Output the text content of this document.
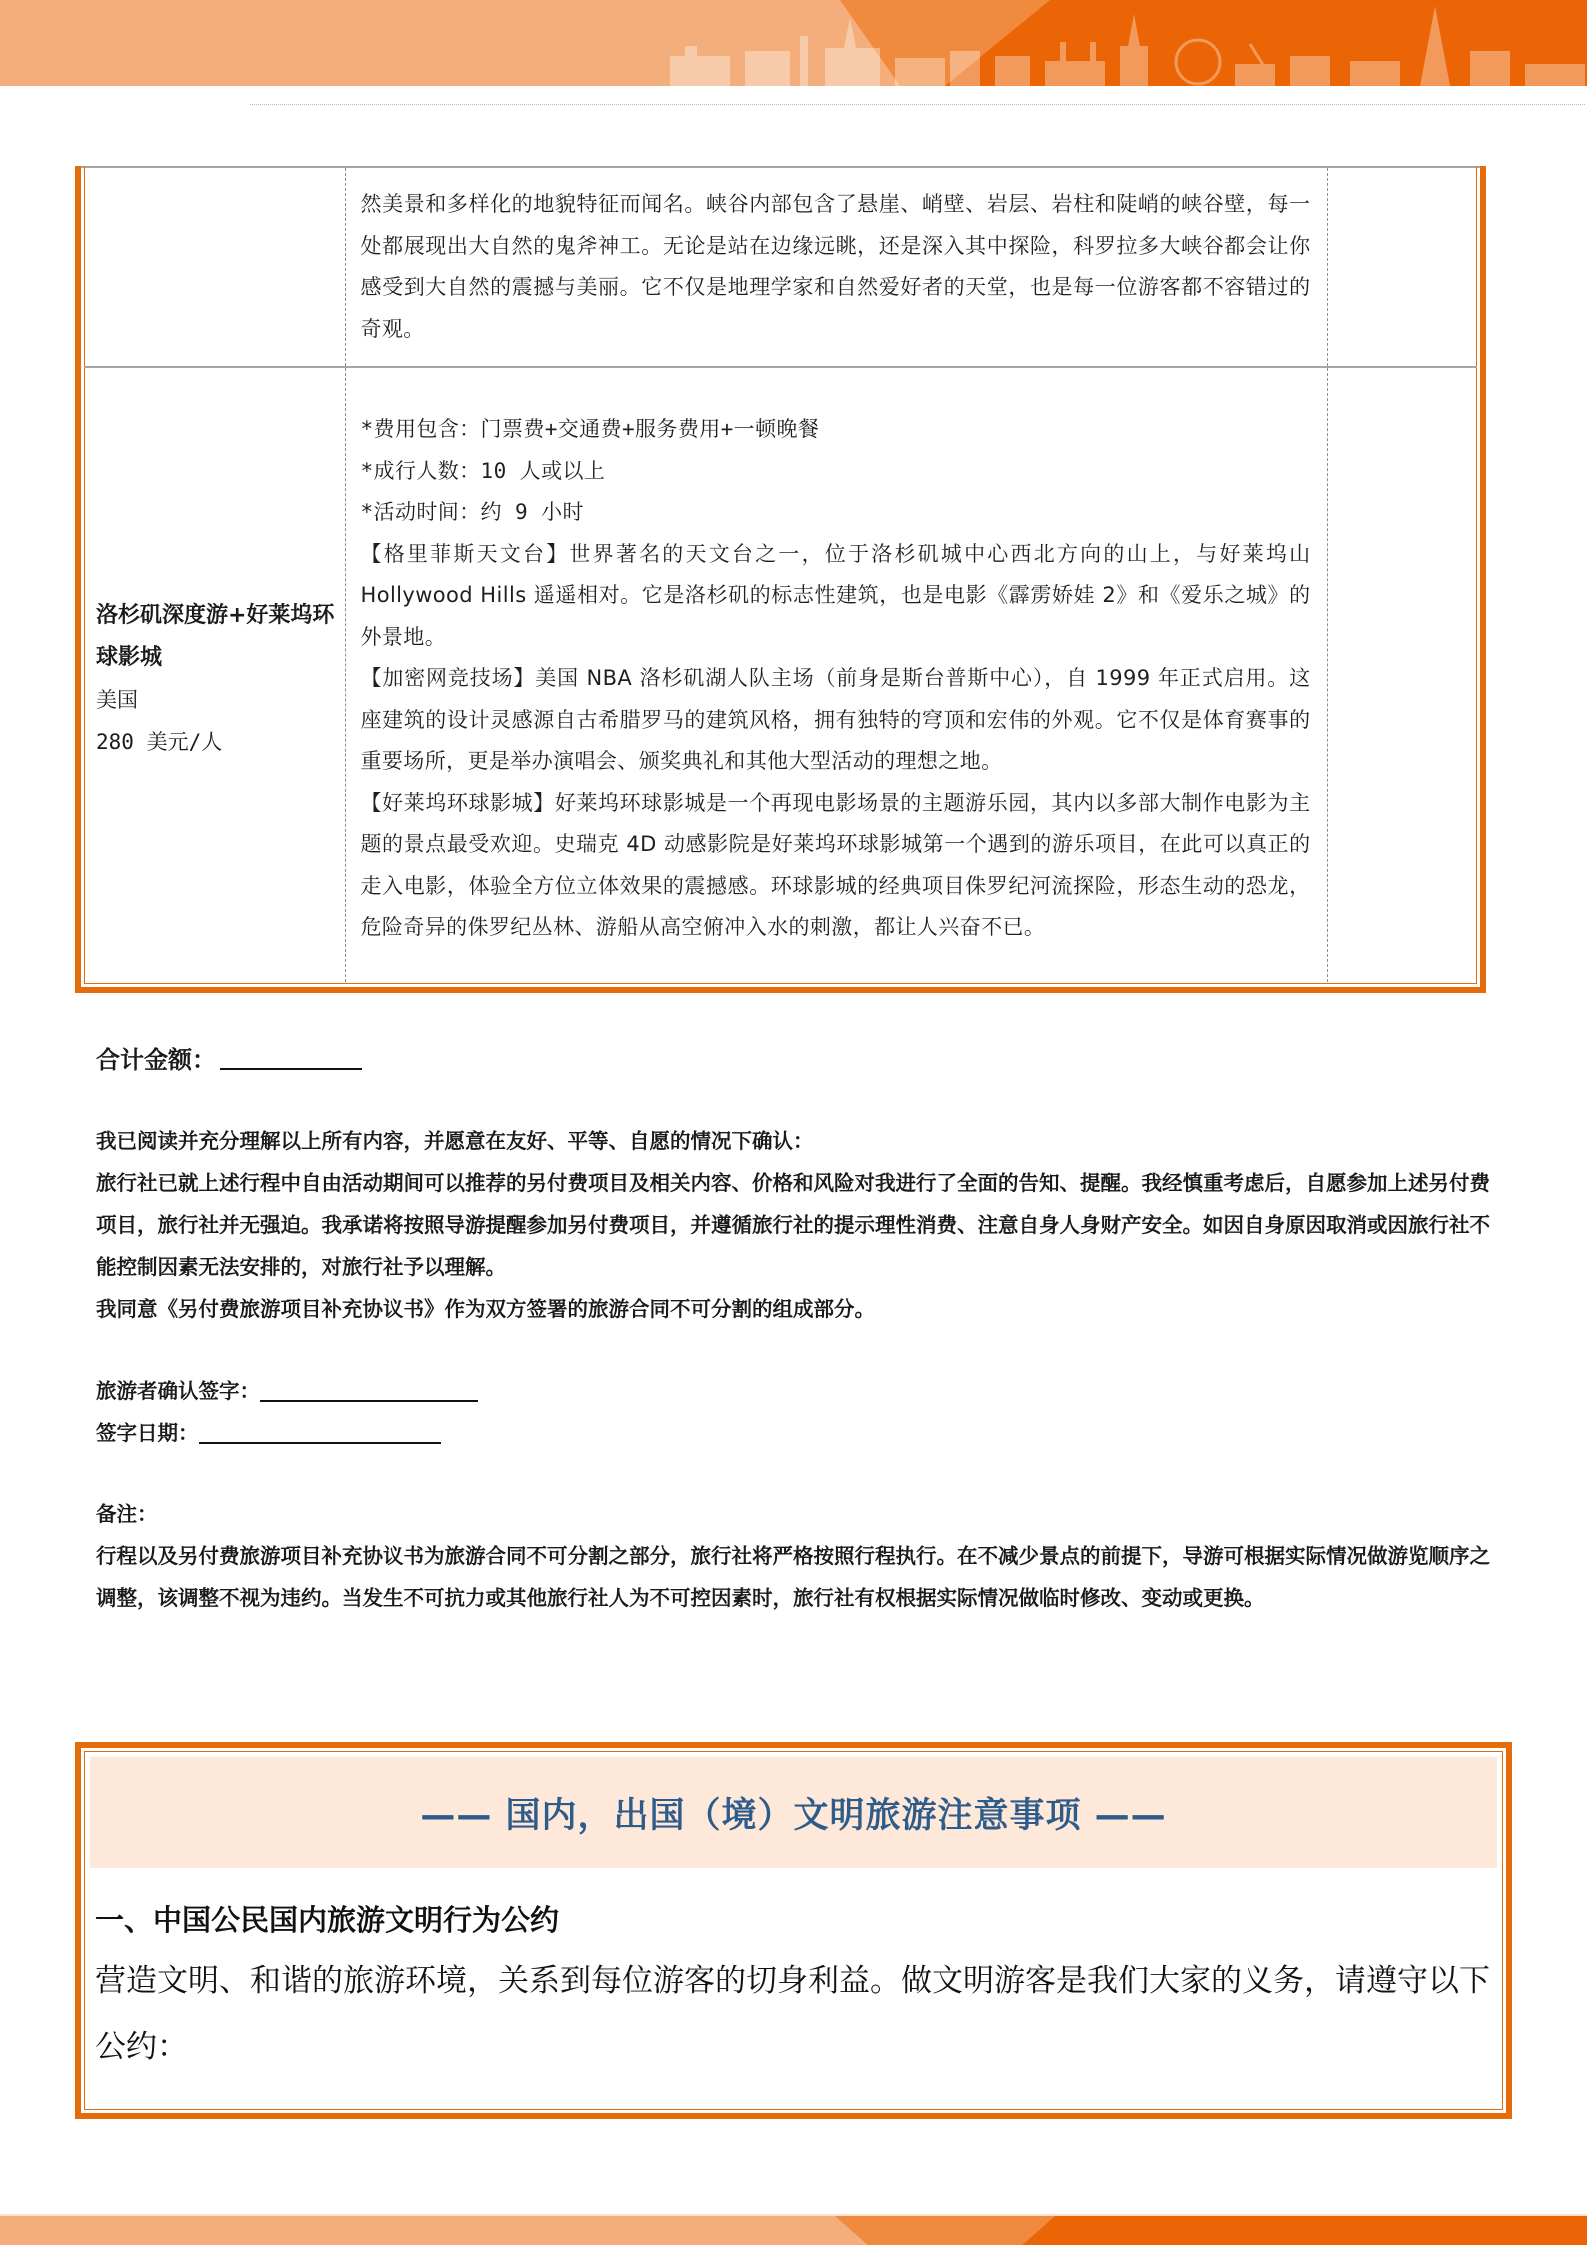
	然美景和多样化的地貌特征而闻名。峡谷内部包含了悬崖、峭壁、岩层、岩柱和陡峭的峡谷壁，每一处都展现出大自然的鬼斧神工。无论是站在边缘远眺，还是深入其中探险，科罗拉多大峡谷都会让你感受到大自然的震撼与美丽。它不仅是地理学家和自然爱好者的天堂，也是每一位游客都不容错过的奇观。	

洛杉矶深度游+好莱坞环球影城
美国
280 美元/人

*费用包含：门票费+交通费+服务费用+一顿晚餐
*成行人数：10 人或以上
*活动时间：约 9 小时
【格里菲斯天文台】世界著名的天文台之一，位于洛杉矶城中心西北方向的山上，与好莱坞山 Hollywood Hills 遥遥相对。它是洛杉矶的标志性建筑，也是电影《霹雳娇娃 2》和《爱乐之城》的外景地。
【加密网竞技场】美国 NBA 洛杉矶湖人队主场（前身是斯台普斯中心），自 1999 年正式启用。这座建筑的设计灵感源自古希腊罗马的建筑风格，拥有独特的穹顶和宏伟的外观。它不仅是体育赛事的重要场所，更是举办演唱会、颁奖典礼和其他大型活动的理想之地。
【好莱坞环球影城】好莱坞环球影城是一个再现电影场景的主题游乐园，其内以多部大制作电影为主题的景点最受欢迎。史瑞克 4D 动感影院是好莱坞环球影城第一个遇到的游乐项目，在此可以真正的走入电影，体验全方位立体效果的震撼感。环球影城的经典项目侏罗纪河流探险，形态生动的恐龙，危险奇异的侏罗纪丛林、游船从高空俯冲入水的刺激，都让人兴奋不已。

合计金额：
我已阅读并充分理解以上所有内容，并愿意在友好、平等、自愿的情况下确认：
旅行社已就上述行程中自由活动期间可以推荐的另付费项目及相关内容、价格和风险对我进行了全面的告知、提醒。我经慎重考虑后，自愿参加上述另付费项目，旅行社并无强迫。我承诺将按照导游提醒参加另付费项目，并遵循旅行社的提示理性消费、注意自身人身财产安全。如因自身原因取消或因旅行社不能控制因素无法安排的，对旅行社予以理解。
我同意《另付费旅游项目补充协议书》作为双方签署的旅游合同不可分割的组成部分。
旅游者确认签字：
签字日期：
备注：
行程以及另付费旅游项目补充协议书为旅游合同不可分割之部分，旅行社将严格按照行程执行。在不减少景点的前提下，导游可根据实际情况做游览顺序之调整，该调整不视为违约。当发生不可抗力或其他旅行社人为不可控因素时，旅行社有权根据实际情况做临时修改、变动或更换。
—— 国内，出国（境）文明旅游注意事项 ——
一、中国公民国内旅游文明行为公约
营造文明、和谐的旅游环境，关系到每位游客的切身利益。做文明游客是我们大家的义务，请遵守以下公约：
